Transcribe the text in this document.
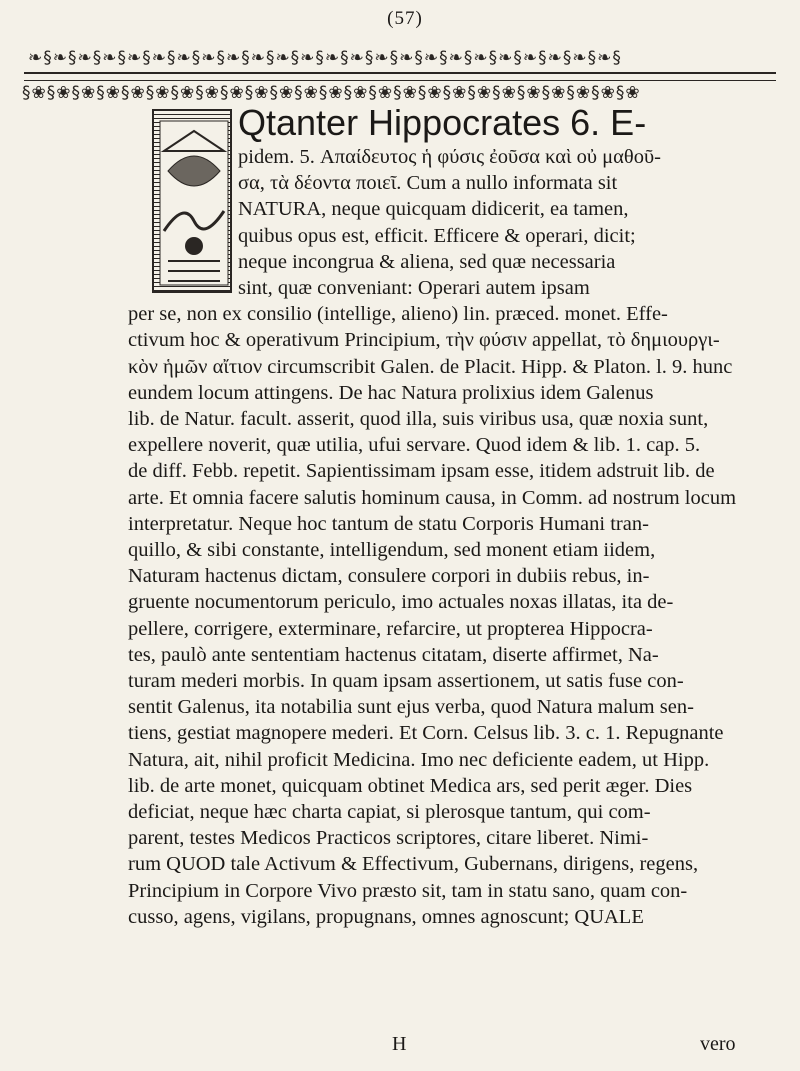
(57)
❧§❧§❧§❧§❧§❧§❧§❧§❧§❧§❧§❧§❧§❧§❧§❧§❧§❧§❧§❧§❧§❧§❧§❧§
§❀§❀§❀§❀§❀§❀§❀§❀§❀§❀§❀§❀§❀§❀§❀§❀§❀§❀§❀§❀§❀§❀§❀§❀§❀
Qtanter Hippocrates 6. E-
pidem. 5. Απαίδευτος ἡ φύσις ἐοῦσα καὶ οὐ μαθοῦ-
σα, τὰ δέοντα ποιεῖ. Cum a nullo informata sit
NATURA, neque quicquam didicerit, ea tamen,
quibus opus est, efficit. Efficere & operari, dicit;
neque incongrua & aliena, sed quæ necessaria
sint, quæ conveniant: Operari autem ipsam
per se, non ex consilio (intellige, alieno) lin. præced. monet. Effe-
ctivum hoc & operativum Principium, τὴν φύσιν appellat, τὸ δημιουργι-
κὸν ἡμῶν αἴτιον circumscribit Galen. de Placit. Hipp. & Platon. l. 9. hunc
eundem locum attingens. De hac Natura prolixius idem Galenus
lib. de Natur. facult. asserit, quod illa, suis viribus usa, quæ noxia sunt,
expellere noverit, quæ utilia, ufui servare. Quod idem & lib. 1. cap. 5.
de diff. Febb. repetit. Sapientissimam ipsam esse, itidem adstruit lib. de
arte. Et omnia facere salutis hominum causa, in Comm. ad nostrum locum
interpretatur. Neque hoc tantum de statu Corporis Humani tran-
quillo, & sibi constante, intelligendum, sed monent etiam iidem,
Naturam hactenus dictam, consulere corpori in dubiis rebus, in-
gruente nocumentorum periculo, imo actuales noxas illatas, ita de-
pellere, corrigere, exterminare, refarcire, ut propterea Hippocra-
tes, paulò ante sententiam hactenus citatam, diserte affirmet, Na-
turam mederi morbis. In quam ipsam assertionem, ut satis fuse con-
sentit Galenus, ita notabilia sunt ejus verba, quod Natura malum sen-
tiens, gestiat magnopere mederi. Et Corn. Celsus lib. 3. c. 1. Repugnante
Natura, ait, nihil proficit Medicina. Imo nec deficiente eadem, ut Hipp.
lib. de arte monet, quicquam obtinet Medica ars, sed perit æger. Dies
deficiat, neque hæc charta capiat, si plerosque tantum, qui com-
parent, testes Medicos Practicos scriptores, citare liberet. Nimi-
rum QUOD tale Activum & Effectivum, Gubernans, dirigens, regens,
Principium in Corpore Vivo præsto sit, tam in statu sano, quam con-
cusso, agens, vigilans, propugnans, omnes agnoscunt; QUALE
H	vero
